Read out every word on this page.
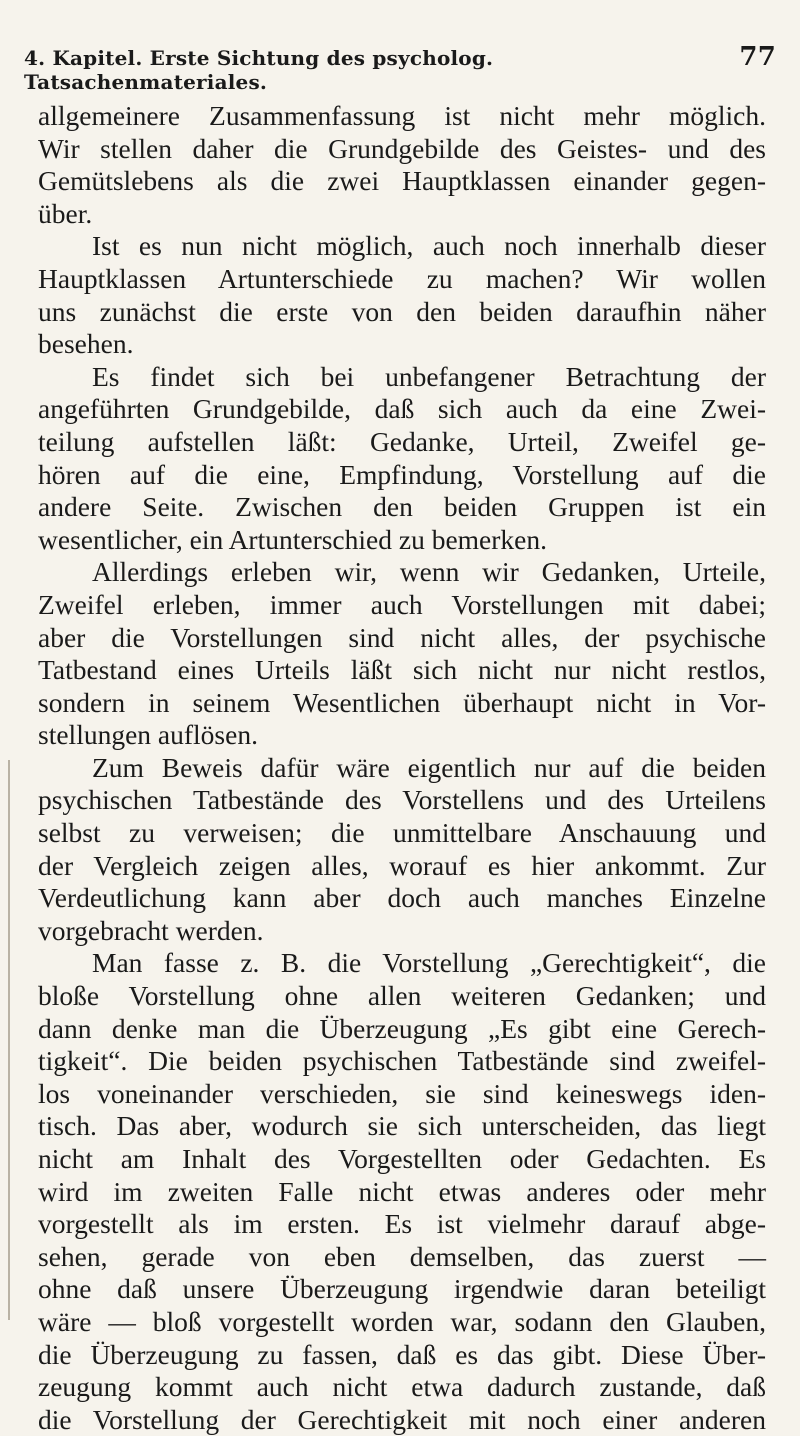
4. Kapitel. Erste Sichtung des psycholog. Tatsachenmateriales.
77
allgemeinere Zusammenfassung ist nicht mehr möglich.
Wir stellen daher die Grundgebilde des Geistes- und des
Gemütslebens als die zwei Hauptklassen einander gegen-
über.
Ist es nun nicht möglich, auch noch innerhalb dieser
Hauptklassen Artunterschiede zu machen? Wir wollen
uns zunächst die erste von den beiden daraufhin näher
besehen.
Es findet sich bei unbefangener Betrachtung der
angeführten Grundgebilde, daß sich auch da eine Zwei-
teilung aufstellen läßt: Gedanke, Urteil, Zweifel ge-
hören auf die eine, Empfindung, Vorstellung auf die
andere Seite. Zwischen den beiden Gruppen ist ein
wesentlicher, ein Artunterschied zu bemerken.
Allerdings erleben wir, wenn wir Gedanken, Urteile,
Zweifel erleben, immer auch Vorstellungen mit dabei;
aber die Vorstellungen sind nicht alles, der psychische
Tatbestand eines Urteils läßt sich nicht nur nicht restlos,
sondern in seinem Wesentlichen überhaupt nicht in Vor-
stellungen auflösen.
Zum Beweis dafür wäre eigentlich nur auf die beiden
psychischen Tatbestände des Vorstellens und des Urteilens
selbst zu verweisen; die unmittelbare Anschauung und
der Vergleich zeigen alles, worauf es hier ankommt. Zur
Verdeutlichung kann aber doch auch manches Einzelne
vorgebracht werden.
Man fasse z. B. die Vorstellung „Gerechtigkeit“, die
bloße Vorstellung ohne allen weiteren Gedanken; und
dann denke man die Überzeugung „Es gibt eine Gerech-
tigkeit“. Die beiden psychischen Tatbestände sind zweifel-
los voneinander verschieden, sie sind keineswegs iden-
tisch. Das aber, wodurch sie sich unterscheiden, das liegt
nicht am Inhalt des Vorgestellten oder Gedachten. Es
wird im zweiten Falle nicht etwas anderes oder mehr
vorgestellt als im ersten. Es ist vielmehr darauf abge-
sehen, gerade von eben demselben, das zuerst —
ohne daß unsere Überzeugung irgendwie daran beteiligt
wäre — bloß vorgestellt worden war, sodann den Glauben,
die Überzeugung zu fassen, daß es das gibt. Diese Über-
zeugung kommt auch nicht etwa dadurch zustande, daß
die Vorstellung der Gerechtigkeit mit noch einer anderen
